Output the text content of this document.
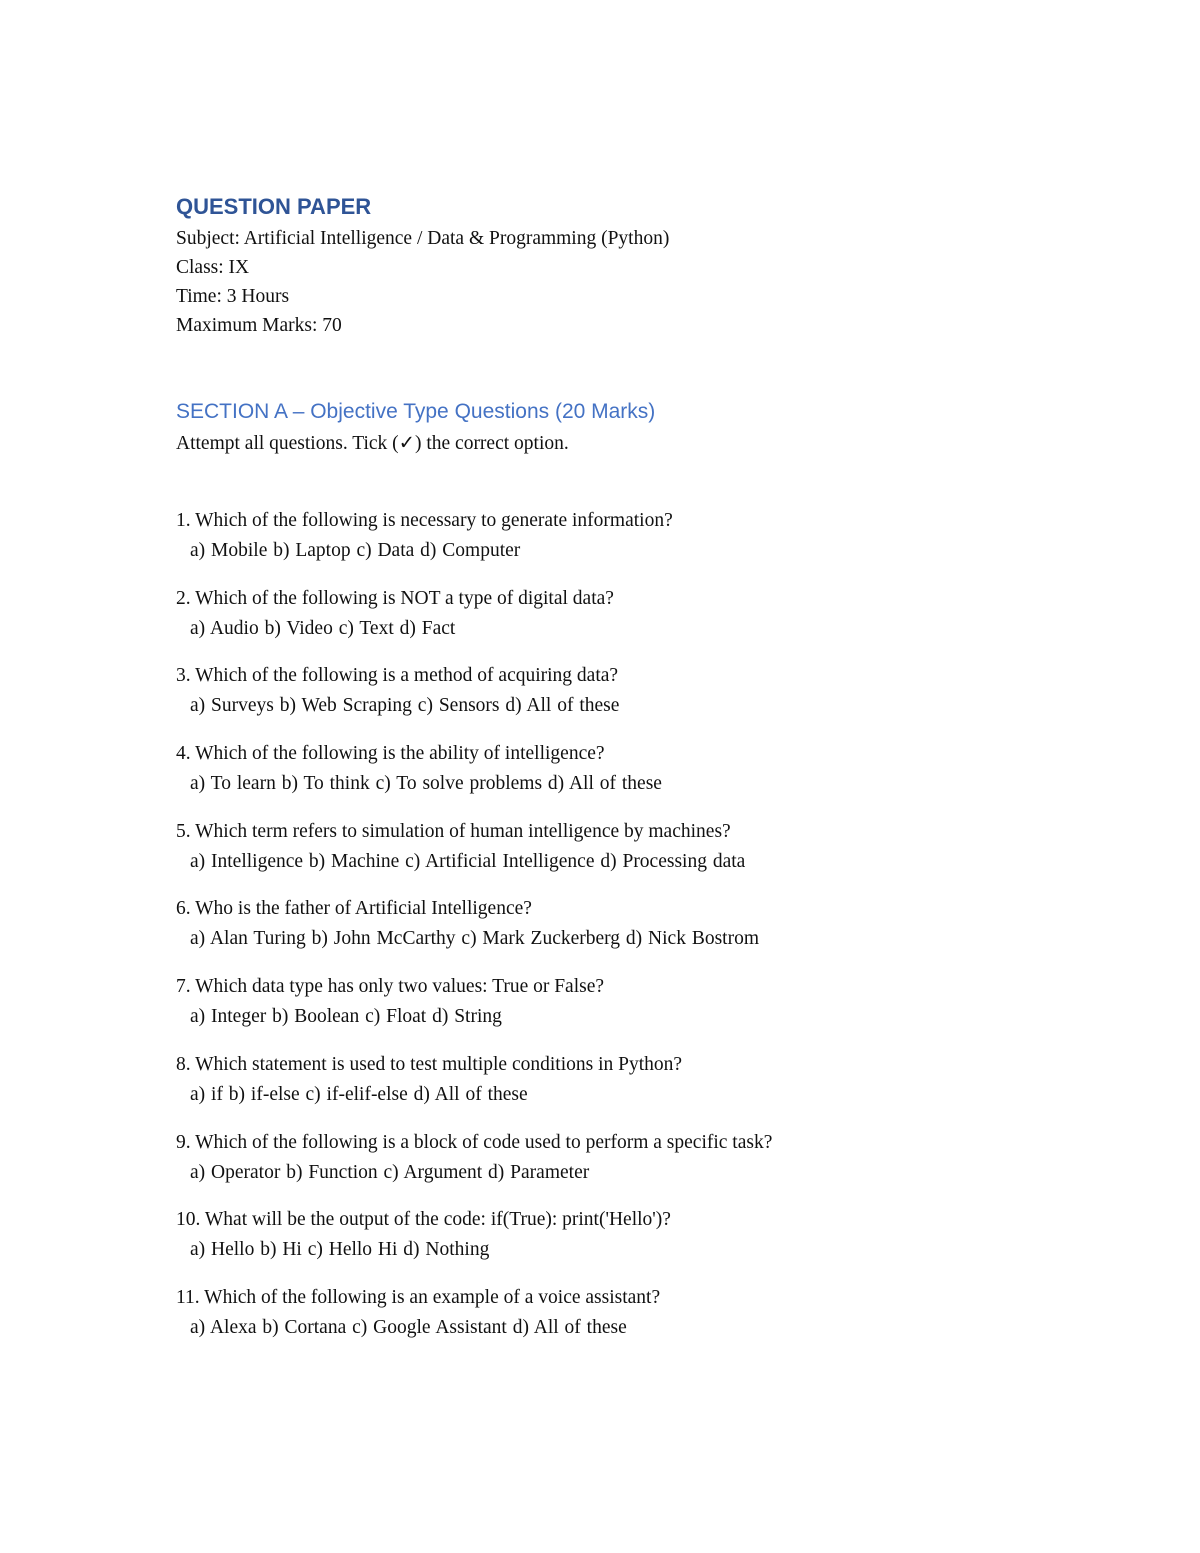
QUESTION PAPER
Subject: Artificial Intelligence / Data & Programming (Python)
Class: IX
Time: 3 Hours
Maximum Marks: 70
SECTION A – Objective Type Questions (20 Marks)
Attempt all questions. Tick (✓) the correct option.
1. Which of the following is necessary to generate information?
a) Mobile b) Laptop c) Data d) Computer
2. Which of the following is NOT a type of digital data?
a) Audio b) Video c) Text d) Fact
3. Which of the following is a method of acquiring data?
a) Surveys b) Web Scraping c) Sensors d) All of these
4. Which of the following is the ability of intelligence?
a) To learn b) To think c) To solve problems d) All of these
5. Which term refers to simulation of human intelligence by machines?
a) Intelligence b) Machine c) Artificial Intelligence d) Processing data
6. Who is the father of Artificial Intelligence?
a) Alan Turing b) John McCarthy c) Mark Zuckerberg d) Nick Bostrom
7. Which data type has only two values: True or False?
a) Integer b) Boolean c) Float d) String
8. Which statement is used to test multiple conditions in Python?
a) if b) if-else c) if-elif-else d) All of these
9. Which of the following is a block of code used to perform a specific task?
a) Operator b) Function c) Argument d) Parameter
10. What will be the output of the code: if(True): print('Hello')?
a) Hello b) Hi c) Hello Hi d) Nothing
11. Which of the following is an example of a voice assistant?
a) Alexa b) Cortana c) Google Assistant d) All of these
